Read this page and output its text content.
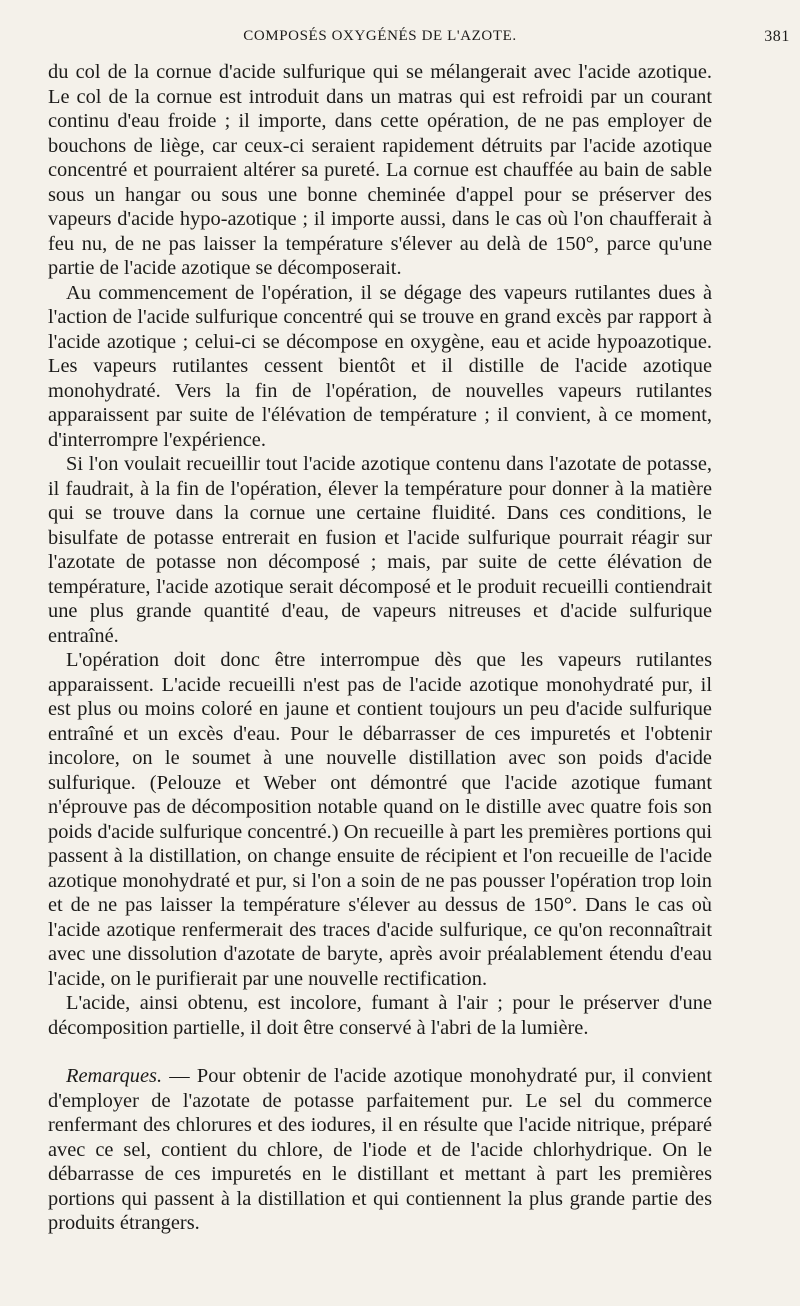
COMPOSÉS OXYGÉNÉS DE L'AZOTE.	381

du col de la cornue d'acide sulfurique qui se mélangerait avec l'acide azotique. Le col de la cornue est introduit dans un matras qui est refroidi par un courant continu d'eau froide ; il importe, dans cette opération, de ne pas employer de bouchons de liège, car ceux-ci seraient rapidement détruits par l'acide azotique concentré et pourraient altérer sa pureté. La cornue est chauffée au bain de sable sous un hangar ou sous une bonne cheminée d'appel pour se préserver des vapeurs d'acide hypo-azotique ; il importe aussi, dans le cas où l'on chaufferait à feu nu, de ne pas laisser la température s'élever au delà de 150°, parce qu'une partie de l'acide azotique se décomposerait.

Au commencement de l'opération, il se dégage des vapeurs rutilantes dues à l'action de l'acide sulfurique concentré qui se trouve en grand excès par rapport à l'acide azotique ; celui-ci se décompose en oxygène, eau et acide hypoazotique. Les vapeurs rutilantes cessent bientôt et il distille de l'acide azotique monohydraté. Vers la fin de l'opération, de nouvelles vapeurs rutilantes apparaissent par suite de l'élévation de température ; il convient, à ce moment, d'interrompre l'expérience.

Si l'on voulait recueillir tout l'acide azotique contenu dans l'azotate de potasse, il faudrait, à la fin de l'opération, élever la température pour donner à la matière qui se trouve dans la cornue une certaine fluidité. Dans ces conditions, le bisulfate de potasse entrerait en fusion et l'acide sulfurique pourrait réagir sur l'azotate de potasse non décomposé ; mais, par suite de cette élévation de température, l'acide azotique serait décomposé et le produit recueilli contiendrait une plus grande quantité d'eau, de vapeurs nitreuses et d'acide sulfurique entraîné.

L'opération doit donc être interrompue dès que les vapeurs rutilantes apparaissent. L'acide recueilli n'est pas de l'acide azotique monohydraté pur, il est plus ou moins coloré en jaune et contient toujours un peu d'acide sulfurique entraîné et un excès d'eau. Pour le débarrasser de ces impuretés et l'obtenir incolore, on le soumet à une nouvelle distillation avec son poids d'acide sulfurique. (Pelouze et Weber ont démontré que l'acide azotique fumant n'éprouve pas de décomposition notable quand on le distille avec quatre fois son poids d'acide sulfurique concentré.) On recueille à part les premières portions qui passent à la distillation, on change ensuite de récipient et l'on recueille de l'acide azotique monohydraté et pur, si l'on a soin de ne pas pousser l'opération trop loin et de ne pas laisser la température s'élever au dessus de 150°. Dans le cas où l'acide azotique renfermerait des traces d'acide sulfurique, ce qu'on reconnaîtrait avec une dissolution d'azotate de baryte, après avoir préalablement étendu d'eau l'acide, on le purifierait par une nouvelle rectification.

L'acide, ainsi obtenu, est incolore, fumant à l'air ; pour le préserver d'une décomposition partielle, il doit être conservé à l'abri de la lumière.

Remarques. — Pour obtenir de l'acide azotique monohydraté pur, il convient d'employer de l'azotate de potasse parfaitement pur. Le sel du commerce renfermant des chlorures et des iodures, il en résulte que l'acide nitrique, préparé avec ce sel, contient du chlore, de l'iode et de l'acide chlorhydrique. On le débarrasse de ces impuretés en le distillant et mettant à part les premières portions qui passent à la distillation et qui contiennent la plus grande partie des produits étrangers.
